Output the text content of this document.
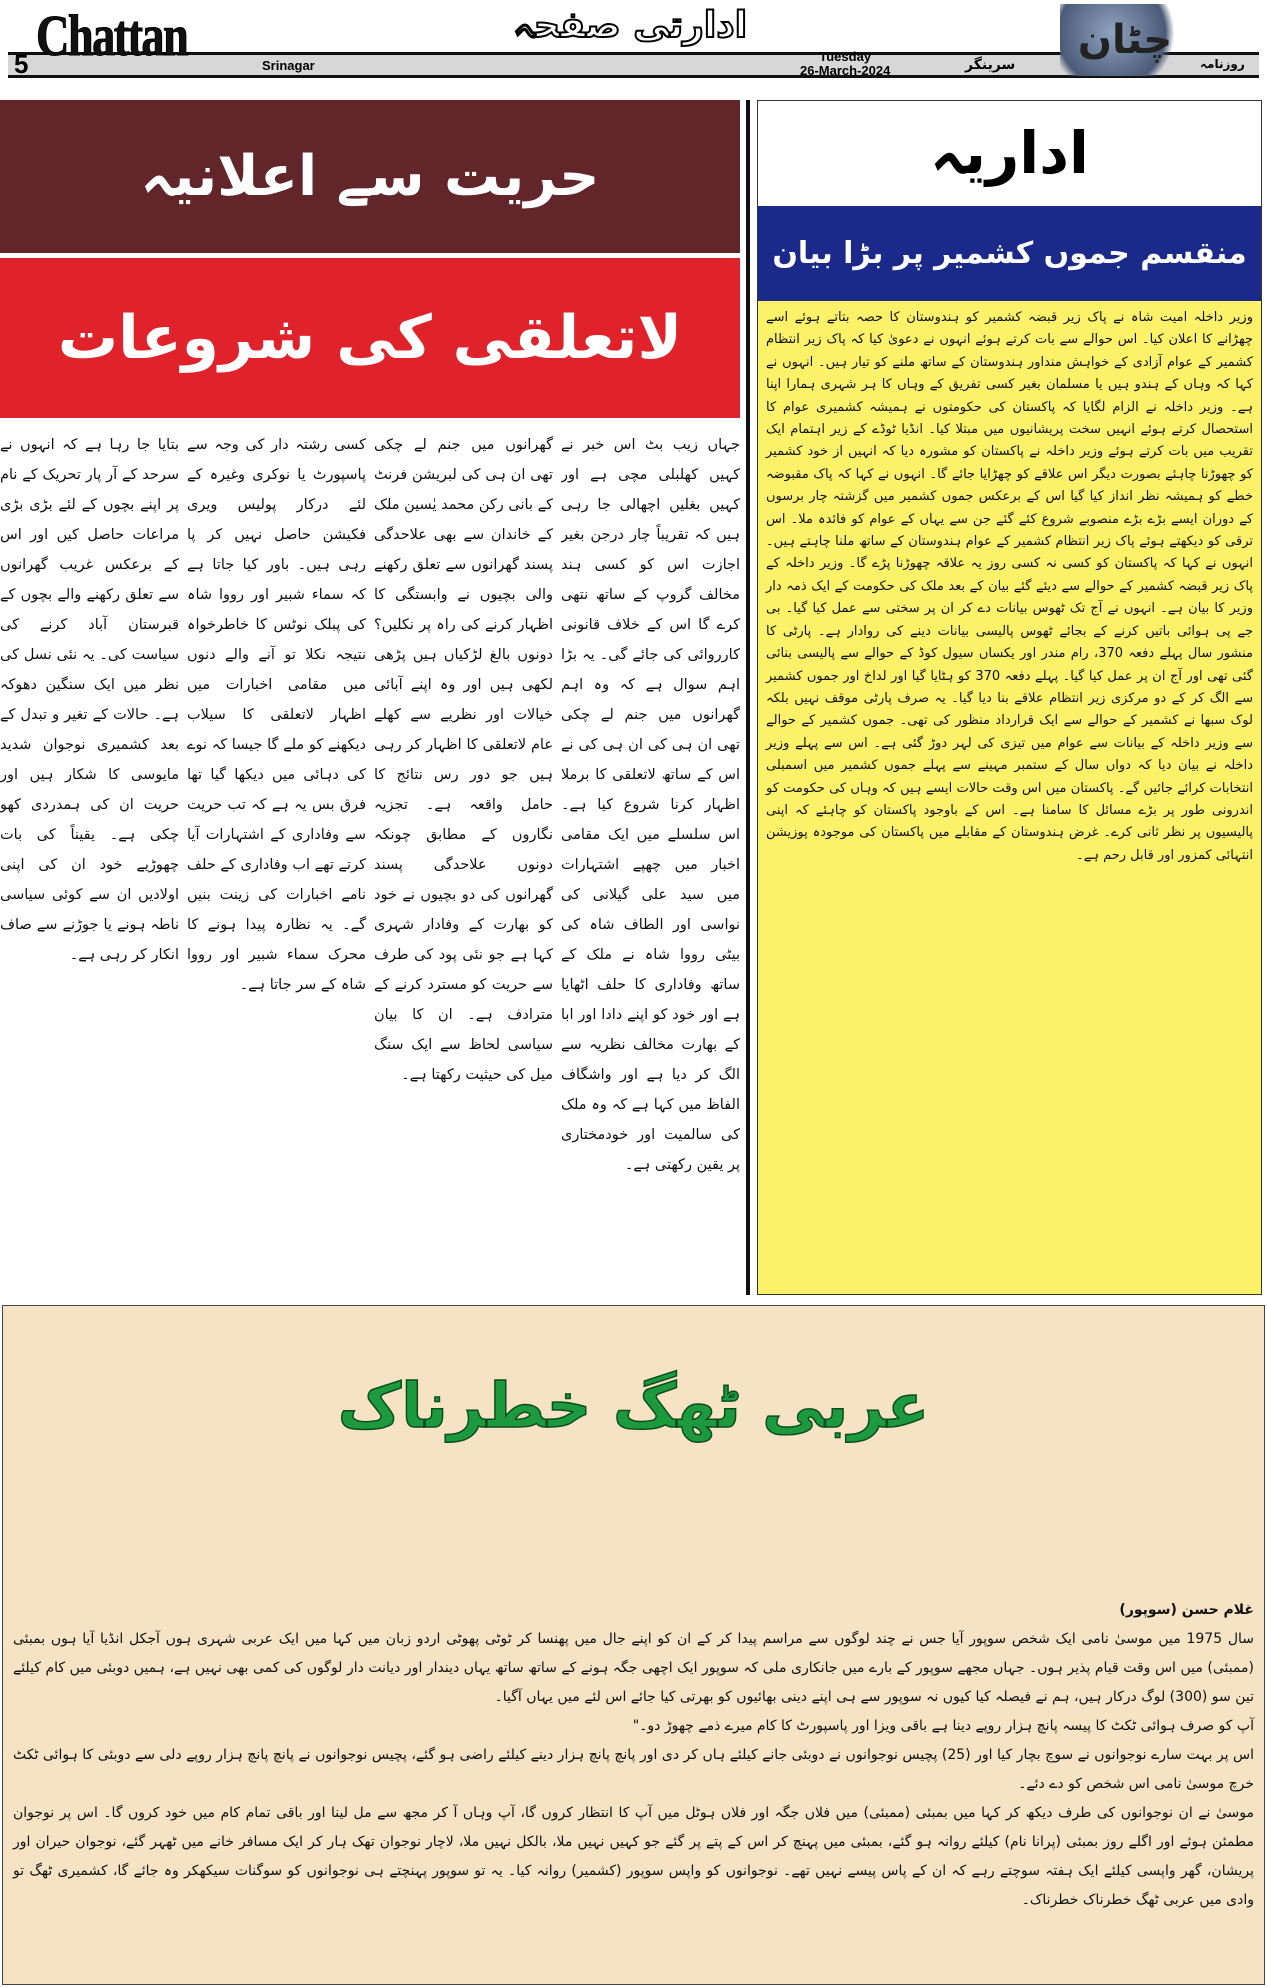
5 Chattan	Srinagar
ادارتی صفحہ
Tuesday
26-March-2024	سرینگر
چٹان
روزنامہ
حریت سے اعلانیہ
لاتعلقی کی شروعات
جہاں زیب بٹ اس خبر نے کہیں کھلبلی مچی ہے اور کہیں بغلیں اچھالی جا رہی ہیں کہ تقریباً چار درجن بغیر اجازت اس کو کسی ہند مخالف گروپ کے ساتھ نتھی کرے گا اس کے خلاف قانونی کارروائی کی جائے گی۔ یہ بڑا اہم سوال ہے کہ وہ اہم گھرانوں میں جنم لے چکی تھی ان ہی کی ان ہی کی نے اس کے ساتھ لاتعلقی کا برملا اظہار کرنا شروع کیا ہے۔ اس سلسلے میں ایک مقامی اخبار میں چھپے اشتہارات میں سید علی گیلانی کی نواسی اور الطاف شاہ کی بیٹی رووا شاہ نے ملک کے ساتھ وفاداری کا حلف اٹھایا ہے اور خود کو اپنے دادا اور ابا کے بھارت مخالف نظریہ سے الگ کر دیا ہے اور واشگاف الفاظ میں کہا ہے کہ وہ ملک کی سالمیت اور خودمختاری پر یقین رکھتی ہے۔
گھرانوں میں جنم لے چکی تھی ان ہی کی لبریشن فرنٹ کے بانی رکن محمد یٰسین ملک کے خاندان سے بھی علاحدگی پسند گھرانوں سے تعلق رکھنے والی بچیوں نے وابستگی کا اظہار کرنے کی راہ پر نکلیں؟ دونوں بالغ لڑکیاں ہیں پڑھی لکھی ہیں اور وہ اپنے آبائی خیالات اور نظریے سے کھلے عام لاتعلقی کا اظہار کر رہی ہیں جو دور رس نتائج کا حامل واقعہ ہے۔ تجزیہ نگاروں کے مطابق چونکہ دونوں علاحدگی پسند گھرانوں کی دو بچیوں نے خود کو بھارت کے وفادار شہری کہا ہے جو نئی پود کی طرف سے حریت کو مسترد کرنے کے مترادف ہے۔ ان کا بیان سیاسی لحاظ سے ایک سنگ میل کی حیثیت رکھتا ہے۔
کسی رشتہ دار کی وجہ سے پاسپورٹ یا نوکری وغیرہ کے لئے درکار پولیس ویری فکیشن حاصل نہیں کر پا رہی ہیں۔ باور کیا جاتا ہے کہ سماء شبیر اور رووا شاہ کی پبلک نوٹس کا خاطرخواہ نتیجہ نکلا تو آنے والے دنوں میں مقامی اخبارات میں اظہار لاتعلقی کا سیلاب دیکھنے کو ملے گا جیسا کہ نوے کی دہائی میں دیکھا گیا تھا فرق بس یہ ہے کہ تب حریت سے وفاداری کے اشتہارات آیا کرتے تھے اب وفاداری کے حلف نامے اخبارات کی زینت بنیں گے۔ یہ نظارہ پیدا ہونے کا محرک سماء شبیر اور رووا شاہ کے سر جاتا ہے۔
بتایا جا رہا ہے کہ انہوں نے سرحد کے آر پار تحریک کے نام پر اپنے بچوں کے لئے بڑی بڑی مراعات حاصل کیں اور اس کے برعکس غریب گھرانوں سے تعلق رکھنے والے بچوں کے قبرستان آباد کرنے کی سیاست کی۔ یہ نئی نسل کی نظر میں ایک سنگین دھوکہ ہے۔ حالات کے تغیر و تبدل کے بعد کشمیری نوجوان شدید مایوسی کا شکار ہیں اور حریت ان کی ہمدردی کھو چکی ہے۔ یقیناً کی بات چھوڑیے خود ان کی اپنی اولادیں ان سے کوئی سیاسی ناطہ ہونے یا جوڑنے سے صاف انکار کر رہی ہے۔
اداریہ
منقسم جموں کشمیر پر بڑا بیان
وزیر داخلہ امیت شاہ نے پاک زیر قبضہ کشمیر کو ہندوستان کا حصہ بتاتے ہوئے اسے چھڑانے کا اعلان کیا۔ اس حوالے سے بات کرتے ہوئے انہوں نے دعویٰ کیا کہ پاک زیر انتظام کشمیر کے عوام آزادی کے خواہش منداور ہندوستان کے ساتھ ملنے کو تیار ہیں۔ انہوں نے کہا کہ وہاں کے ہندو ہیں یا مسلمان بغیر کسی تفریق کے وہاں کا ہر شہری ہمارا اپنا ہے۔ وزیر داخلہ نے الزام لگایا کہ پاکستان کی حکومتوں نے ہمیشہ کشمیری عوام کا استحصال کرتے ہوئے انہیں سخت پریشانیوں میں مبتلا کیا۔ انڈیا ٹوڈے کے زیر اہتمام ایک تقریب میں بات کرتے ہوئے وزیر داخلہ نے پاکستان کو مشورہ دیا کہ انہیں از خود کشمیر کو چھوڑنا چاہئے بصورت دیگر اس علاقے کو چھڑایا جائے گا۔ انہوں نے کہا کہ پاک مقبوضہ خطے کو ہمیشہ نظر انداز کیا گیا اس کے برعکس جموں کشمیر میں گزشتہ چار برسوں کے دوران ایسے بڑے بڑے منصوبے شروع کئے گئے جن سے یہاں کے عوام کو فائدہ ملا۔ اس ترقی کو دیکھتے ہوئے پاک زیر انتظام کشمیر کے عوام ہندوستان کے ساتھ ملنا چاہتے ہیں۔ انہوں نے کہا کہ پاکستان کو کسی نہ کسی روز یہ علاقہ چھوڑنا پڑے گا۔ وزیر داخلہ کے پاک زیر قبضہ کشمیر کے حوالے سے دیئے گئے بیان کے بعد ملک کی حکومت کے ایک ذمہ دار وزیر کا بیان ہے۔ انہوں نے آج تک ٹھوس بیانات دے کر ان پر سختی سے عمل کیا گیا۔ بی جے پی ہوائی باتیں کرنے کے بجائے ٹھوس پالیسی بیانات دینے کی روادار ہے۔ پارٹی کا منشور سال پہلے دفعہ 370، رام مندر اور یکساں سیول کوڈ کے حوالے سے پالیسی بنائی گئی تھی اور آج ان پر عمل کیا گیا۔ پہلے دفعہ 370 کو ہٹایا گیا اور لداخ اور جموں کشمیر سے الگ کر کے دو مرکزی زیر انتظام علاقے بنا دیا گیا۔ یہ صرف پارٹی موقف نہیں بلکہ لوک سبھا نے کشمیر کے حوالے سے ایک قرارداد منظور کی تھی۔ جموں کشمیر کے حوالے سے وزیر داخلہ کے بیانات سے عوام میں تیزی کی لہر دوڑ گئی ہے۔ اس سے پہلے وزیر داخلہ نے بیان دیا کہ دواں سال کے ستمبر مہینے سے پہلے جموں کشمیر میں اسمبلی انتخابات کرائے جائیں گے۔ پاکستان میں اس وقت حالات ایسے ہیں کہ وہاں کی حکومت کو اندرونی طور پر بڑے مسائل کا سامنا ہے۔ اس کے باوجود پاکستان کو چاہئے کہ اپنی پالیسیوں پر نظر ثانی کرے۔ غرض ہندوستان کے مقابلے میں پاکستان کی موجودہ پوزیشن انتہائی کمزور اور قابل رحم ہے۔
عربی ٹھگ خطرناک
غلام حسن (سوپور)

سال 1975 میں موسیٰ نامی ایک شخص سوپور آیا جس نے چند لوگوں سے مراسم پیدا کر کے ان کو اپنے جال میں پھنسا کر ٹوٹی پھوٹی اردو زبان میں کہا میں ایک عربی شہری ہوں آجکل انڈیا آیا ہوں بمبئی (ممبئی) میں اس وقت قیام پذیر ہوں۔ جہاں مجھے سوپور کے بارے میں جانکاری ملی کہ سوپور ایک اچھی جگہ ہونے کے ساتھ ساتھ یہاں دیندار اور دیانت دار لوگوں کی کمی بھی نہیں ہے، ہمیں دوبئی میں کام کیلئے تین سو (300) لوگ درکار ہیں، ہم نے فیصلہ کیا کیوں نہ سوپور سے ہی اپنے دینی بھائیوں کو بھرتی کیا جائے اس لئے میں یہاں آگیا۔

آپ کو صرف ہوائی ٹکٹ کا پیسہ پانچ ہزار روپے دینا ہے باقی ویزا اور پاسپورٹ کا کام میرے ذمے چھوڑ دو۔"

اس پر بہت سارے نوجوانوں نے سوچ بچار کیا اور (25) پچیس نوجوانوں نے دوبئی جانے کیلئے ہاں کر دی اور پانچ پانچ ہزار دینے کیلئے راضی ہو گئے، پچیس نوجوانوں نے پانچ پانچ ہزار روپے دلی سے دوبئی کا ہوائی ٹکٹ خرچ موسیٰ نامی اس شخص کو دے دئے۔

موسیٰ نے ان نوجوانوں کی طرف دیکھ کر کہا میں بمبئی (ممبئی) میں فلاں جگہ اور فلاں ہوٹل میں آپ کا انتظار کروں گا، آپ وہاں آ کر مجھ سے مل لینا اور باقی تمام کام میں خود کروں گا۔ اس پر نوجوان مطمئن ہوئے اور اگلے روز بمبئی (پرانا نام) کیلئے روانہ ہو گئے، بمبئی میں پہنچ کر اس کے پتے پر گئے جو کہیں نہیں ملا، بالکل نہیں ملا، لاچار نوجوان تھک ہار کر ایک مسافر خانے میں ٹھہر گئے، نوجوان حیران اور پریشان، گھر واپسی کیلئے ایک ہفتہ سوچتے رہے کہ ان کے پاس پیسے نہیں تھے۔ نوجوانوں کو واپس سوپور (کشمیر) روانہ کیا۔ یہ تو سوپور پہنچتے ہی نوجوانوں کو سوگنات سیکھکر وہ جائے گا، کشمیری ٹھگ تو وادی میں عربی ٹھگ خطرناک خطرناک۔
